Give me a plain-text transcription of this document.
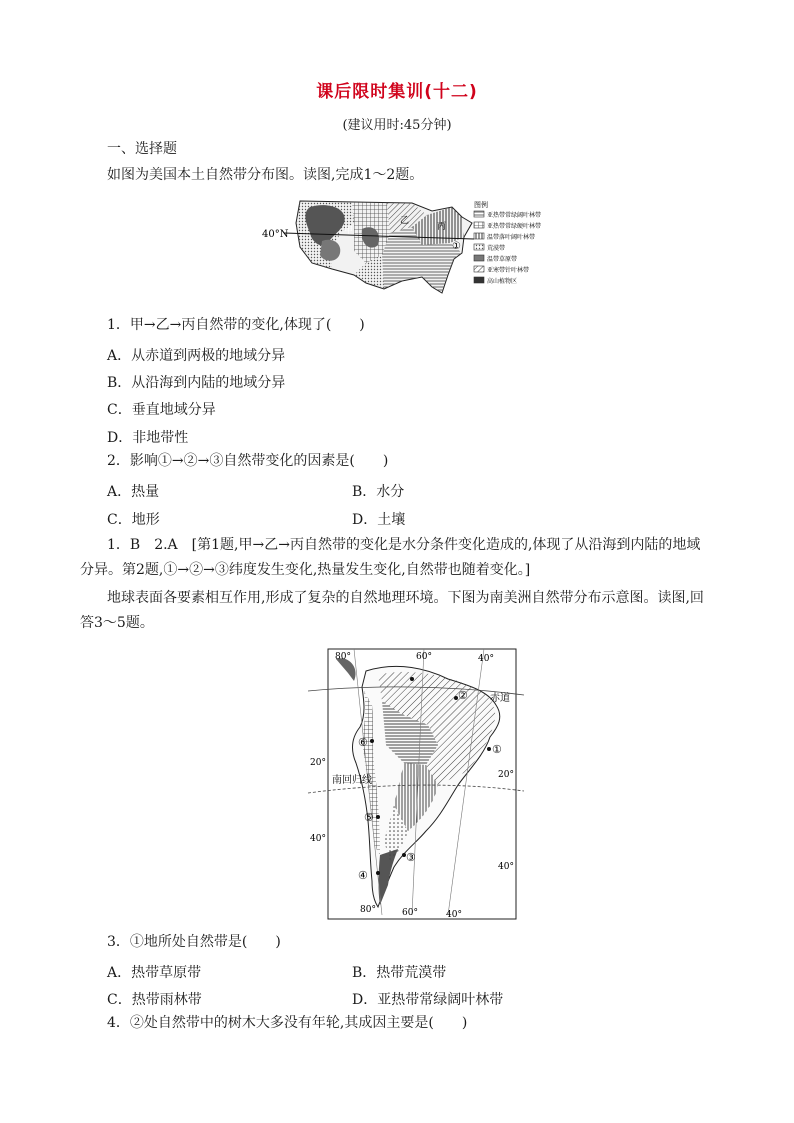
课后限时集训(十二)
(建议用时:45分钟)
一、选择题
如图为美国本土自然带分布图。读图,完成1～2题。
40°N	甲
乙
丙
①
图例
亚热带常绿阔叶林带
亚热带常绿硬叶林带
温带落叶阔叶林带
荒漠带
温带草原带
亚寒带针叶林带
高山植物区
1．甲→乙→丙自然带的变化,体现了(　　)
A．从赤道到两极的地域分异
B．从沿海到内陆的地域分异
C．垂直地域分异
D．非地带性
2．影响①→②→③自然带变化的因素是(　　)
A．热量	B．水分
C．地形	D．土壤
1．B　2.A　[第1题,甲→乙→丙自然带的变化是水分条件变化造成的,体现了从沿海到内陆的地域
分异。第2题,①→②→③纬度发生变化,热量发生变化,自然带也随着变化。]
地球表面各要素相互作用,形成了复杂的自然地理环境。下图为南美洲自然带分布示意图。读图,回
答3～5题。
80°	60°	40°
80°	60°	40°
20°
40°
20°
40°
赤道
南回归线
①
②
③
④
⑤
⑥
3．①地所处自然带是(　　)
A．热带草原带	B．热带荒漠带
C．热带雨林带	D．亚热带常绿阔叶林带
4．②处自然带中的树木大多没有年轮,其成因主要是(　　)
